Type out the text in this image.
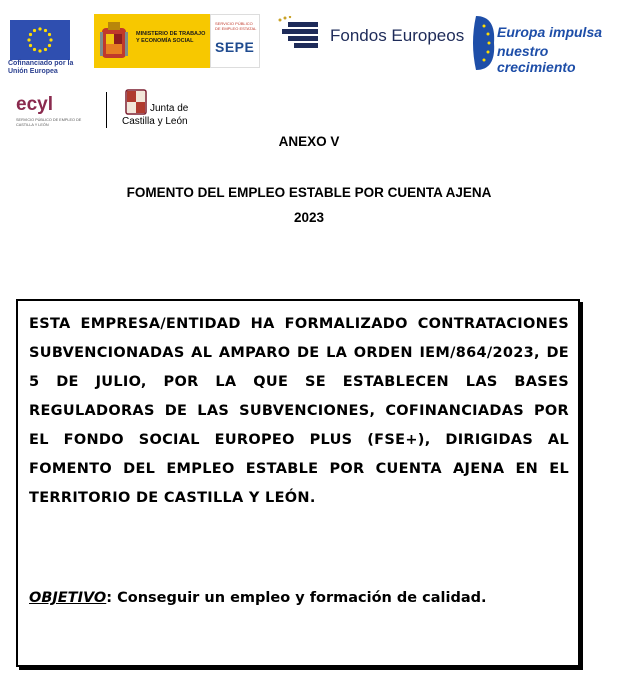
Cofinanciado por la Unión Europea
MINISTERIO DE TRABAJO Y ECONOMÍA SOCIAL
SERVICIO PÚBLICO DE EMPLEO ESTATAL
SEPE
Fondos Europeos Europa impulsa
nuestro crecimiento
ecyl
SERVICIO PÚBLICO DE EMPLEO DE CASTILLA Y LEÓN
Junta de
Castilla y León
ANEXO V
FOMENTO DEL EMPLEO ESTABLE POR CUENTA AJENA
2023
ESTA EMPRESA/ENTIDAD HA FORMALIZADO CONTRATACIONES SUBVENCIONADAS AL AMPARO DE LA ORDEN IEM/864/2023, DE 5 DE JULIO, POR LA QUE SE ESTABLECEN LAS BASES REGULADORAS DE LAS SUBVENCIONES, COFINANCIADAS POR EL FONDO SOCIAL EUROPEO PLUS (FSE+), DIRIGIDAS AL FOMENTO DEL EMPLEO ESTABLE POR CUENTA AJENA EN EL TERRITORIO DE CASTILLA Y LEÓN.
OBJETIVO: Conseguir un empleo y formación de calidad.
